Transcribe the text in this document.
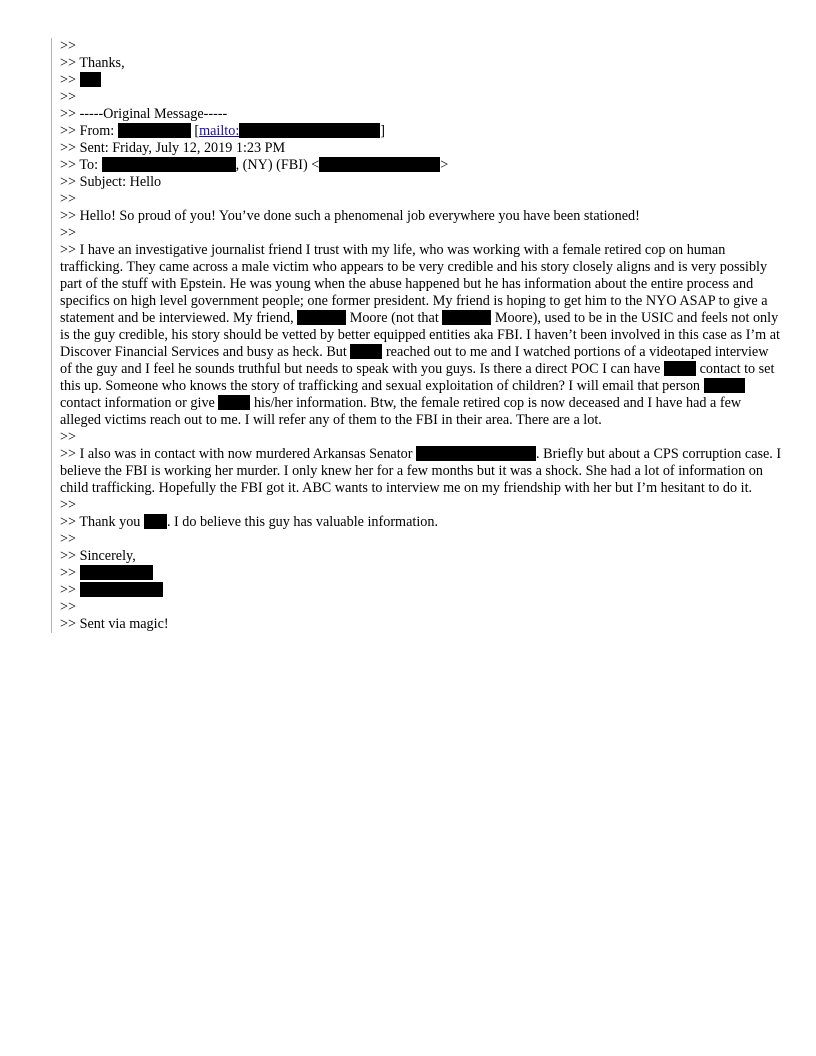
>>
>> Thanks,
>>
>>
>> -----Original Message-----
>> From:	[mailto:	]
>> Sent: Friday, July 12, 2019 1:23 PM
>> To:	, (NY) (FBI) <	>
>> Subject: Hello
>>
>> Hello! So proud of you! You’ve done such a phenomenal job everywhere you have been stationed!
>>
>> I have an investigative journalist friend I trust with my life, who was working with a female retired cop on human trafficking. They came across a male victim who appears to be very credible and his story closely aligns and is very possibly part of the stuff with Epstein. He was young when the abuse happened but he has information about the entire process and specifics on high level government people; one former president. My friend is hoping to get him to the NYO ASAP to give a statement and be interviewed. My friend,	Moore (not that	Moore), used to be in the USIC and feels not only is the guy credible, his story should be vetted by better equipped entities aka FBI. I haven’t been involved in this case as I’m at Discover Financial Services and busy as heck. But  reached out to me and I watched portions of a videotaped interview of the guy and I feel he sounds truthful but needs to speak with you guys. Is there a direct POC I can have  contact to set this up. Someone who knows the story of trafficking and sexual exploitation of children? I will email that person  contact information or give  his/her information. Btw, the female retired cop is now deceased and I have had a few alleged victims reach out to me. I will refer any of them to the FBI in their area. There are a lot.
>>
>> I also was in contact with now murdered Arkansas Senator	. Briefly but about a CPS corruption case. I believe the FBI is working her murder. I only knew her for a few months but it was a shock. She had a lot of information on child trafficking. Hopefully the FBI got it. ABC wants to interview me on my friendship with her but I’m hesitant to do it.
>>
>> Thank you . I do believe this guy has valuable information.
>>
>> Sincerely,
>>
>>
>>
>> Sent via magic!
